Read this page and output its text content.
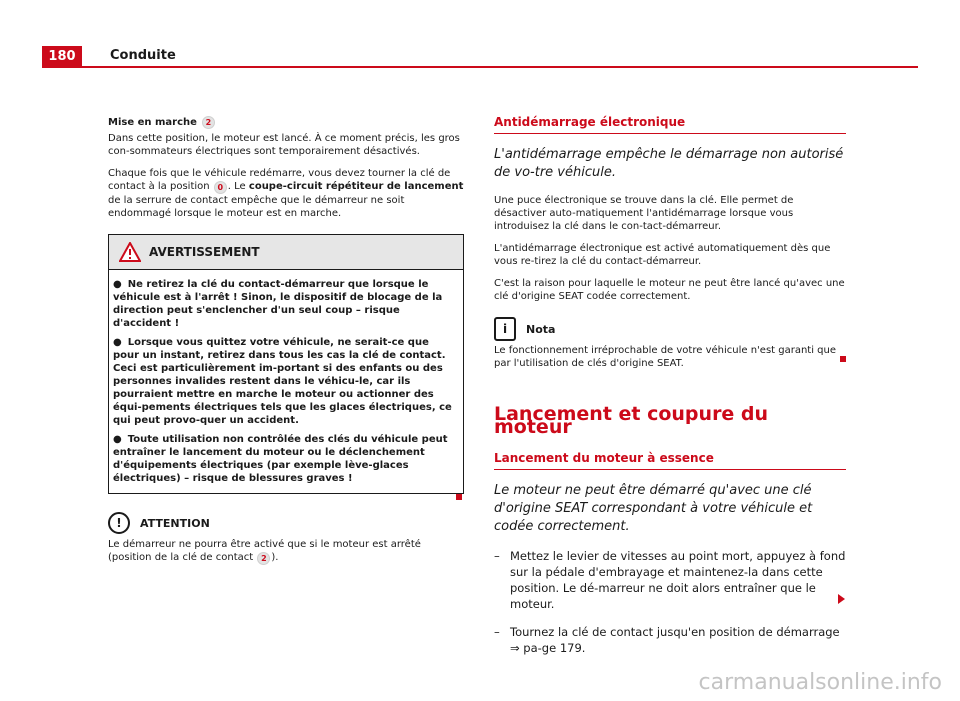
180	Conduite
Mise en marche	2

Dans cette position, le moteur est lancé. À ce moment précis, les gros con-sommateurs électriques sont temporairement désactivés.

Chaque fois que le véhicule redémarre, vous devez tourner la clé de contact à la position 0 . Le coupe-circuit répétiteur de lancement de la serrure de contact empêche que le démarreur ne soit endommagé lorsque le moteur est en marche.

AVERTISSEMENT
● Ne retirez la clé du contact-démarreur que lorsque le véhicule est à l'arrêt ! Sinon, le dispositif de blocage de la direction peut s'enclencher d'un seul coup – risque d'accident !
● Lorsque vous quittez votre véhicule, ne serait-ce que pour un instant, retirez dans tous les cas la clé de contact. Ceci est particulièrement im-portant si des enfants ou des personnes invalides restent dans le véhicu-le, car ils pourraient mettre en marche le moteur ou actionner des équi-pements électriques tels que les glaces électriques, ce qui peut provo-quer un accident.
● Toute utilisation non contrôlée des clés du véhicule peut entraîner le lancement du moteur ou le déclenchement d'équipements électriques (par exemple lève-glaces électriques) – risque de blessures graves !
!	ATTENTION

Le démarreur ne pourra être activé que si le moteur est arrêté (position de la clé de contact 2 ).

Antidémarrage électronique
L'antidémarrage empêche le démarrage non autorisé de vo-tre véhicule.

Une puce électronique se trouve dans la clé. Elle permet de désactiver auto-matiquement l'antidémarrage lorsque vous introduisez la clé dans le con-tact-démarreur.

L'antidémarrage électronique est activé automatiquement dès que vous re-tirez la clé du contact-démarreur.

C'est la raison pour laquelle le moteur ne peut être lancé qu'avec une clé d'origine SEAT codée correctement.

i	Nota

Le fonctionnement irréprochable de votre véhicule n'est garanti que par l'utilisation de clés d'origine SEAT.

Lancement et coupure du moteur
Lancement du moteur à essence
Le moteur ne peut être démarré qu'avec une clé d'origine SEAT correspondant à votre véhicule et codée correctement.
– Mettez le levier de vitesses au point mort, appuyez à fond sur la pédale d'embrayage et maintenez-la dans cette position. Le dé-marreur ne doit alors entraîner que le moteur.
– Tournez la clé de contact jusqu'en position de démarrage ⇒ pa-ge 179.
carmanualsonline.info
